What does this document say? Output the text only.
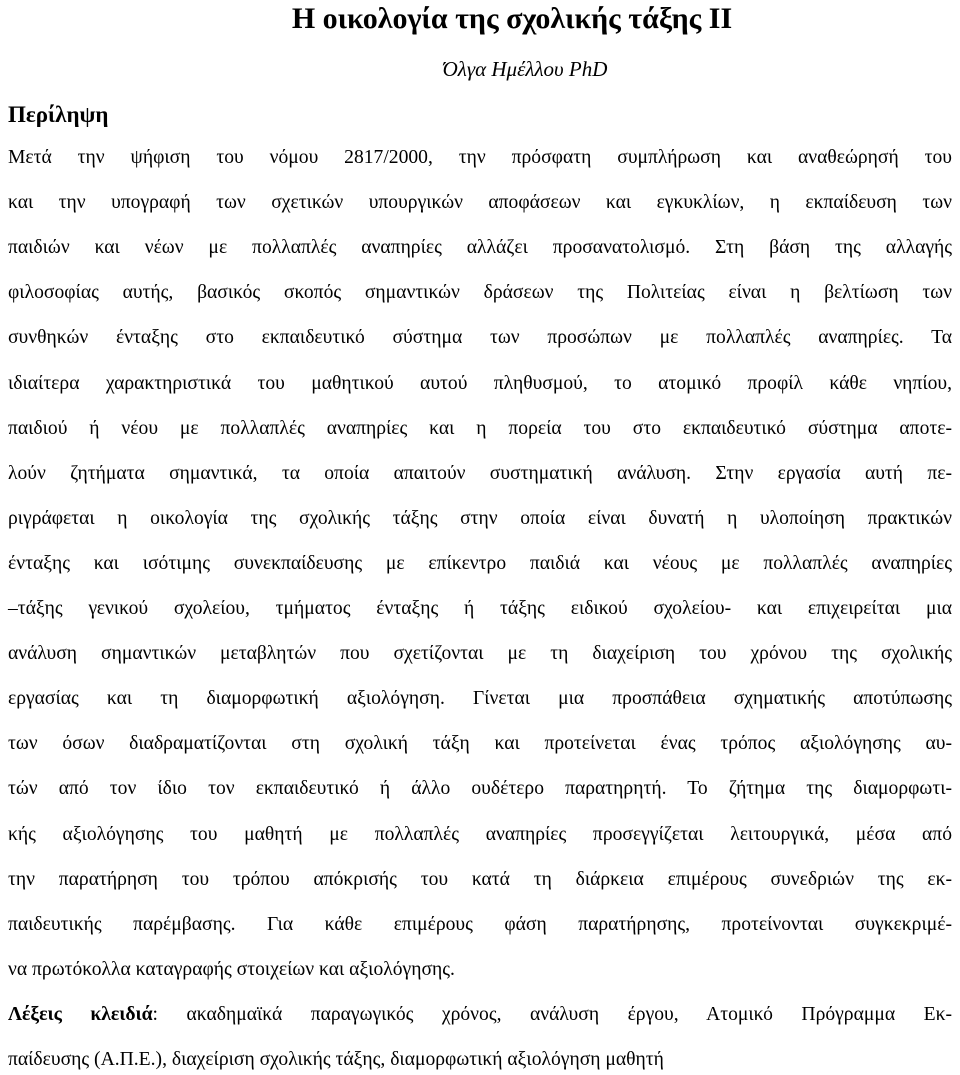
Η οικολογία της σχολικής τάξης ΙΙ
Όλγα Ημέλλου PhD
Περίληψη
Μετά την ψήφιση του νόμου 2817/2000, την πρόσφατη συμπλήρωση και αναθεώρησή του
και την υπογραφή των σχετικών υπουργικών αποφάσεων και εγκυκλίων, η εκπαίδευση των
παιδιών και νέων με πολλαπλές αναπηρίες αλλάζει προσανατολισμό. Στη βάση της αλλαγής
φιλοσοφίας αυτής, βασικός σκοπός σημαντικών δράσεων της Πολιτείας είναι η βελτίωση των
συνθηκών ένταξης στο εκπαιδευτικό σύστημα των προσώπων με πολλαπλές αναπηρίες. Τα
ιδιαίτερα χαρακτηριστικά του μαθητικού αυτού πληθυσμού, το ατομικό προφίλ κάθε νηπίου,
παιδιού ή νέου με πολλαπλές αναπηρίες και η πορεία του στο εκπαιδευτικό σύστημα αποτε-
λούν ζητήματα σημαντικά, τα οποία απαιτούν συστηματική ανάλυση. Στην εργασία αυτή πε-
ριγράφεται η οικολογία της σχολικής τάξης στην οποία είναι δυνατή η υλοποίηση πρακτικών
ένταξης και ισότιμης συνεκπαίδευσης με επίκεντρο παιδιά και νέους με πολλαπλές αναπηρίες
–τάξης γενικού σχολείου, τμήματος ένταξης ή τάξης ειδικού σχολείου- και επιχειρείται μια
ανάλυση σημαντικών μεταβλητών που σχετίζονται με τη διαχείριση του χρόνου της σχολικής
εργασίας και τη διαμορφωτική αξιολόγηση. Γίνεται μια προσπάθεια σχηματικής αποτύπωσης
των όσων διαδραματίζονται στη σχολική τάξη και προτείνεται ένας τρόπος αξιολόγησης αυ-
τών από τον ίδιο τον εκπαιδευτικό ή άλλο ουδέτερο παρατηρητή. Το ζήτημα της διαμορφωτι-
κής αξιολόγησης του μαθητή με πολλαπλές αναπηρίες προσεγγίζεται λειτουργικά, μέσα από
την παρατήρηση του τρόπου απόκρισής του κατά τη διάρκεια επιμέρους συνεδριών της εκ-
παιδευτικής παρέμβασης. Για κάθε επιμέρους φάση παρατήρησης, προτείνονται συγκεκριμέ-
να πρωτόκολλα καταγραφής στοιχείων και αξιολόγησης.
Λέξεις κλειδιά: ακαδημαϊκά παραγωγικός χρόνος, ανάλυση έργου, Ατομικό Πρόγραμμα Εκ-
παίδευσης (Α.Π.Ε.), διαχείριση σχολικής τάξης, διαμορφωτική αξιολόγηση μαθητή
